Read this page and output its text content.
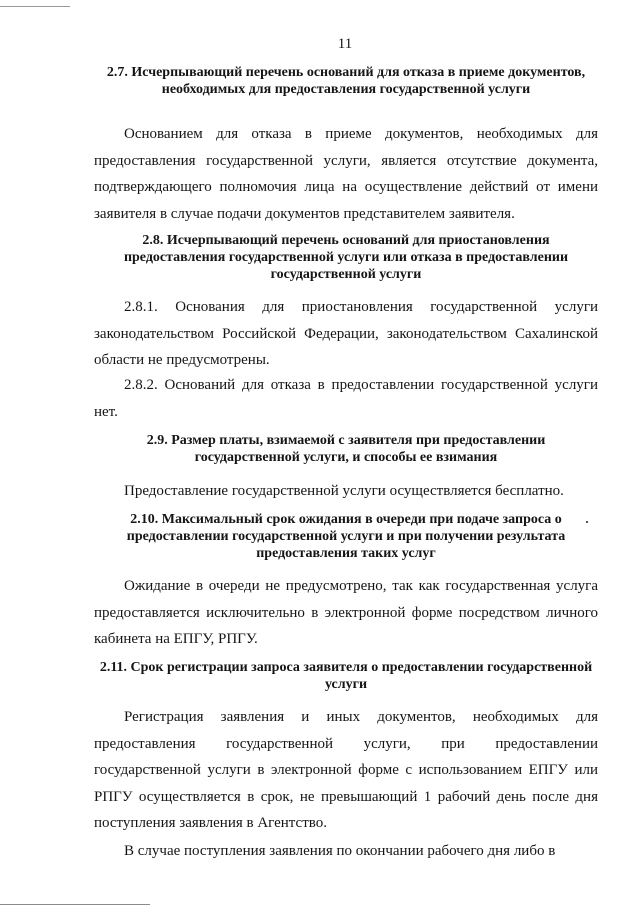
11
2.7. Исчерпывающий перечень оснований для отказа в приеме документов, необходимых для предоставления государственной услуги

Основанием для отказа в приеме документов, необходимых для предоставления государственной услуги, является отсутствие документа, подтверждающего полномочия лица на осуществление действий от имени заявителя в случае подачи документов представителем заявителя.

2.8. Исчерпывающий перечень оснований для приостановления предоставления государственной услуги или отказа в предоставлении государственной услуги

2.8.1. Основания для приостановления государственной услуги законодательством Российской Федерации, законодательством Сахалинской области не предусмотрены.

2.8.2. Оснований для отказа в предоставлении государственной услуги нет.

2.9. Размер платы, взимаемой с заявителя при предоставлении государственной услуги, и способы ее взимания

Предоставление государственной услуги осуществляется бесплатно.

2.10. Максимальный срок ожидания в очереди при подаче запроса о предоставлении государственной услуги и при получении результата предоставления таких услуг

Ожидание в очереди не предусмотрено, так как государственная услуга предоставляется исключительно в электронной форме посредством личного кабинета на ЕПГУ, РПГУ.

2.11. Срок регистрации запроса заявителя о предоставлении государственной услуги

Регистрация заявления и иных документов, необходимых для предоставления государственной услуги, при предоставлении государственной услуги в электронной форме с использованием ЕПГУ или РПГУ осуществляется в срок, не превышающий 1 рабочий день после дня поступления заявления в Агентство.

В случае поступления заявления по окончании рабочего дня либо в
